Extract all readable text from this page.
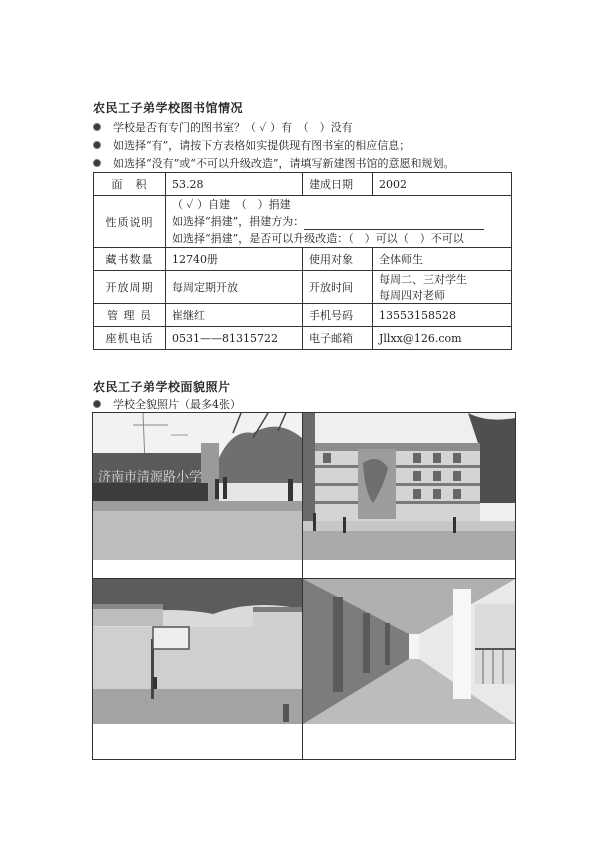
农民工子弟学校图书馆情况
学校是否有专门的图书室？（ ✓ ）有　（　）没有
如选择“有”，请按下方表格如实提供现有图书室的相应信息；
如选择“没有”或“不可以升级改造”，请填写新建图书馆的意愿和规划。
面　积	53.28	建成日期	2002
性质说明	（ ✓ ）自建　（　）捐建
如选择“捐建”，捐建方为：
如选择“捐建”，是否可以升级改造：（　）可以（　）不可以		

藏书数量	12740册	使用对象	全体师生
开放周期	每周定期开放	开放时间	每周二、三对学生
每周四对老师

管 理 员	崔继红	手机号码	13553158528
座机电话	0531——81315722	电子邮箱	Jllxx@126.com
农民工子弟学校面貌照片
学校全貌照片（最多4张）
济南市清源路小学
